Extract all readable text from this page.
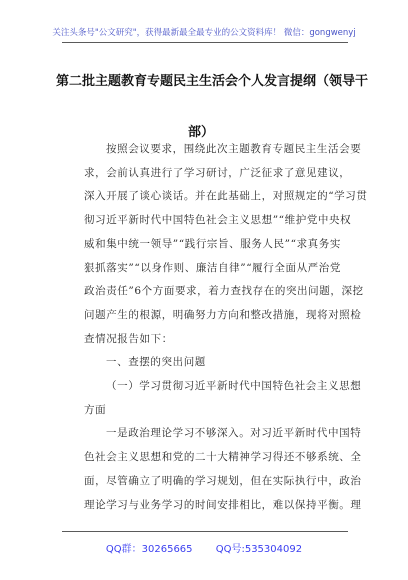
关注头条号"公文研究"，获得最新最全最专业的公文资料库！ 微信：gongwenyj
第二批主题教育专题民主生活会个人发言提纲（领导干
部）

按照会议要求，围绕此次主题教育专题民主生活会要

求，会前认真进行了学习研讨，广泛征求了意见建议，

深入开展了谈心谈话。并在此基础上，对照规定的“学习贯

彻习近平新时代中国特色社会主义思想”“维护党中央权

威和集中统一领导”“践行宗旨、服务人民”“求真务实

狠抓落实”“以身作则、廉洁自律”“履行全面从严治党

政治责任”6个方面要求，着力查找存在的突出问题，深挖

问题产生的根源，明确努力方向和整改措施，现将对照检

查情况报告如下：

一、查摆的突出问题

（一）学习贯彻习近平新时代中国特色社会主义思想

方面

一是政治理论学习不够深入。对习近平新时代中国特

色社会主义思想和党的二十大精神学习得还不够系统、全

面，尽管确立了明确的学习规划，但在实际执行中，政治

理论学习与业务学习的时间安排相比，难以保持平衡。理

QQ群：30265665 QQ号:535304092
